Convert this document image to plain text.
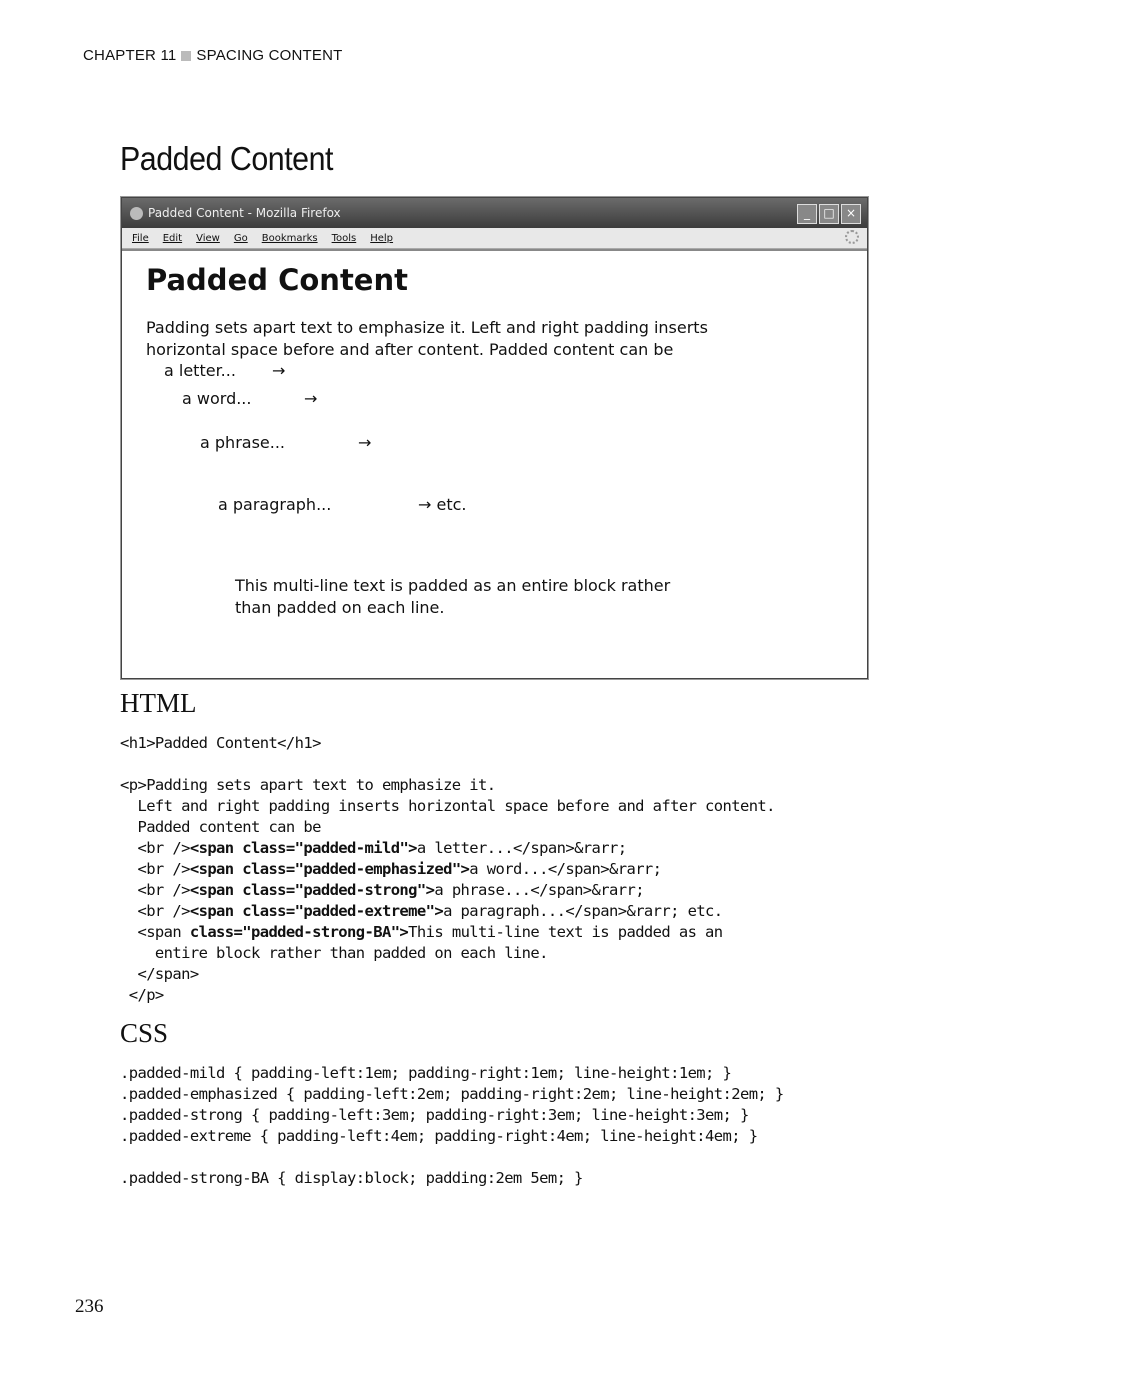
CHAPTER 11 SPACING CONTENT
Padded Content
Padded Content - Mozilla Firefox	_	□ ×
File Edit View Go Bookmarks Tools Help
Padded Content

Padding sets apart text to emphasize it. Left and right padding inserts horizontal space before and after content. Padded content can be

a letter... →
a word...	→
a phrase...	→
a paragraph...	→ etc.
This multi-line text is padded as an entire block rather
than padded on each line.
HTML
<h1>Padded Content</h1>

<p>Padding sets apart text to emphasize it.
Left and right padding inserts horizontal space before and after content.
Padded content can be
<br /><span class="padded-mild">a letter...</span>&rarr;
<br /><span class="padded-emphasized">a word...</span>&rarr;
<br /><span class="padded-strong">a phrase...</span>&rarr;
<br /><span class="padded-extreme">a paragraph...</span>&rarr; etc.
<span class="padded-strong-BA">This multi-line text is padded as an
entire block rather than padded on each line.
</span>
</p>
CSS
.padded-mild { padding-left:1em; padding-right:1em; line-height:1em; }
.padded-emphasized { padding-left:2em; padding-right:2em; line-height:2em; }
.padded-strong { padding-left:3em; padding-right:3em; line-height:3em; }
.padded-extreme { padding-left:4em; padding-right:4em; line-height:4em; }

.padded-strong-BA { display:block; padding:2em 5em; }
236
